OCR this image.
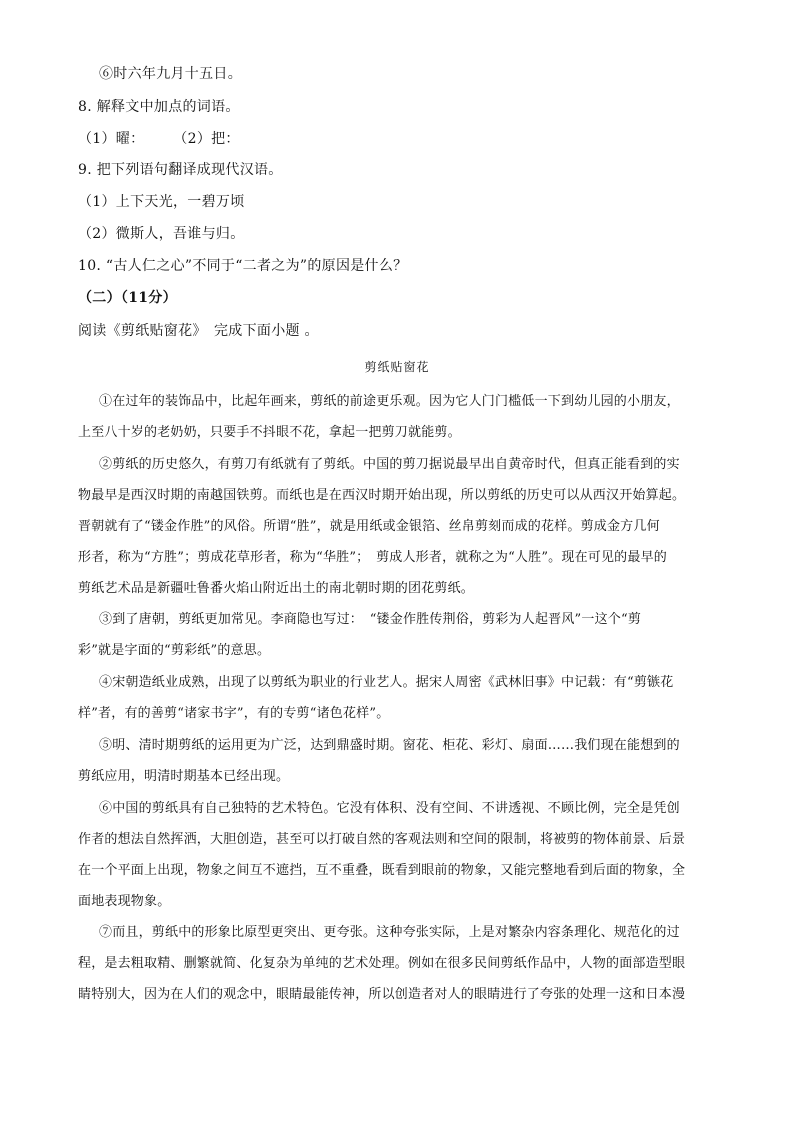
⑥时六年九月十五日。
8. 解释文中加点的词语。
（1）曜：　　　（2）把：
9. 把下列语句翻译成现代汉语。
（1）上下天光，一碧万顷
（2）微斯人，吾谁与归。
10. “古人仁之心”不同于“二者之为”的原因是什么？
（二）（11分）
阅读《剪纸贴窗花》　完成下面小题 。
剪纸贴窗花
①在过年的装饰品中，比起年画来，剪纸的前途更乐观。因为它人门门槛低一下到幼儿园的小朋友，
上至八十岁的老奶奶，只要手不抖眼不花，拿起一把剪刀就能剪。
②剪纸的历史悠久，有剪刀有纸就有了剪纸。中国的剪刀据说最早出自黄帝时代，但真正能看到的实
物最早是西汉时期的南越国铁剪。而纸也是在西汉时期开始出现，所以剪纸的历史可以从西汉开始算起。
晋朝就有了“镂金作胜”的风俗。所谓“胜”，就是用纸或金银箔、丝帛剪刻而成的花样。剪成金方几何
形者，称为“方胜”；剪成花草形者，称为“华胜”；　剪成人形者，就称之为“人胜”。现在可见的最早的
剪纸艺术品是新疆吐鲁番火焰山附近出土的南北朝时期的团花剪纸。
③到了唐朝，剪纸更加常见。李商隐也写过：　“镂金作胜传荆俗，剪彩为人起晋风”一这个“剪
彩”就是字面的“剪彩纸”的意思。
④宋朝造纸业成熟，出现了以剪纸为职业的行业艺人。据宋人周密《武林旧事》中记载：有“剪镞花
样”者，有的善剪“诸家书字”，有的专剪“诸色花样”。
⑤明、清时期剪纸的运用更为广泛，达到鼎盛时期。窗花、柜花、彩灯、扇面……我们现在能想到的
剪纸应用，明清时期基本已经出现。
⑥中国的剪纸具有自己独特的艺术特色。它没有体积、没有空间、不讲透视、不顾比例，完全是凭创
作者的想法自然挥洒，大胆创造，甚至可以打破自然的客观法则和空间的限制，将被剪的物体前景、后景
在一个平面上出现，物象之间互不遮挡，互不重叠，既看到眼前的物象，又能完整地看到后面的物象，全
面地表现物象。
⑦而且，剪纸中的形象比原型更突出、更夸张。这种夸张实际，上是对繁杂内容条理化、规范化的过
程，是去粗取精、删繁就简、化复杂为单纯的艺术处理。例如在很多民间剪纸作品中，人物的面部造型眼
睛特别大，因为在人们的观念中，眼睛最能传神，所以创造者对人的眼睛进行了夸张的处理一这和日本漫
